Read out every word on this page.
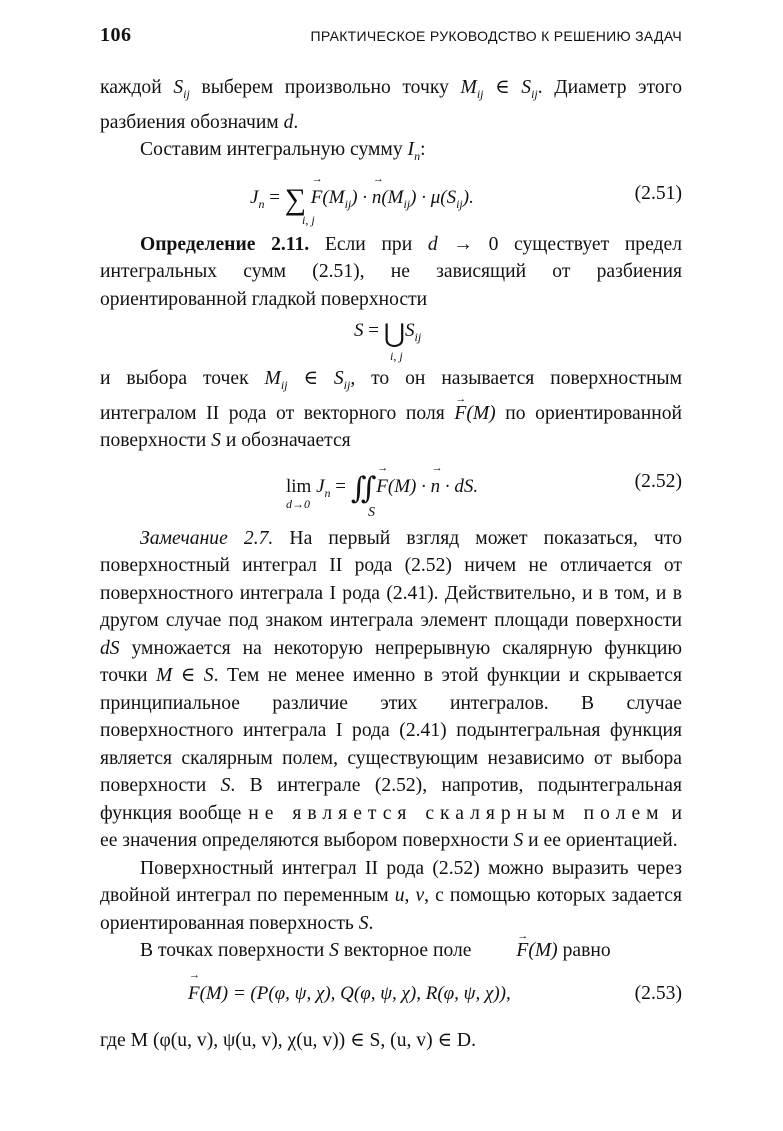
106	ПРАКТИЧЕСКОЕ РУКОВОДСТВО К РЕШЕНИЮ ЗАДАЧ

каждой $S_{ij}$ выберем произвольно точку $M_{ij}$ ∈ $S_{ij}$. Диаметр этого разбиения обозначим d.

Составим интегральную сумму $I_n$:

$J_n$ = ∑ → $F(M_{ij})$ · → $n(M_{ij}) \cdot \mu(S_{ij})$.
i, j
(2.51)

Определение 2.11. Если при d → 0 существует предел интегральных сумм (2.51), не зависящий от разбиения ориентированной гладкой поверхности

$S = ⋃S_{ij}$
i, j

и выбора точек $M_{ij}$ ∈ $S_{ij}$, то он называется поверхностным интегралом II рода от векторного поля → F(M) по ориентированной поверхности S и обозначается

$\lim J_n$ = ∬→ F(M) · → n · dS.
d→0
S
(2.52)

Замечание 2.7. На первый взгляд может показаться, что поверхностный интеграл II рода (2.52) ничем не отличается от поверхностного интеграла I рода (2.41). Действительно, и в том, и в другом случае под знаком интеграла элемент площади поверхности dS умножается на некоторую непрерывную скалярную функцию точки M ∈ S. Тем не менее именно в этой функции и скрывается принципиальное различие этих интегралов. В случае поверхностного интеграла I рода (2.41) подынтегральная функция является скалярным полем, существующим независимо от выбора поверхности S. В интеграле (2.52), напротив, подынтегральная функция вообще не является скалярным полем и ее значения определяются выбором поверхности S и ее ориентацией.

Поверхностный интеграл II рода (2.52) можно выразить через двойной интеграл по переменным u, v, с помощью которых задается ориентированная поверхность S.

В точках поверхности S векторное поле → F(M) равно

→ F(M) = (P(φ, ψ, χ), Q(φ, ψ, χ), R(φ, ψ, χ)),	(2.53)

где M (φ(u, v), ψ(u, v), χ(u, v)) ∈ S, (u, v) ∈ D.
